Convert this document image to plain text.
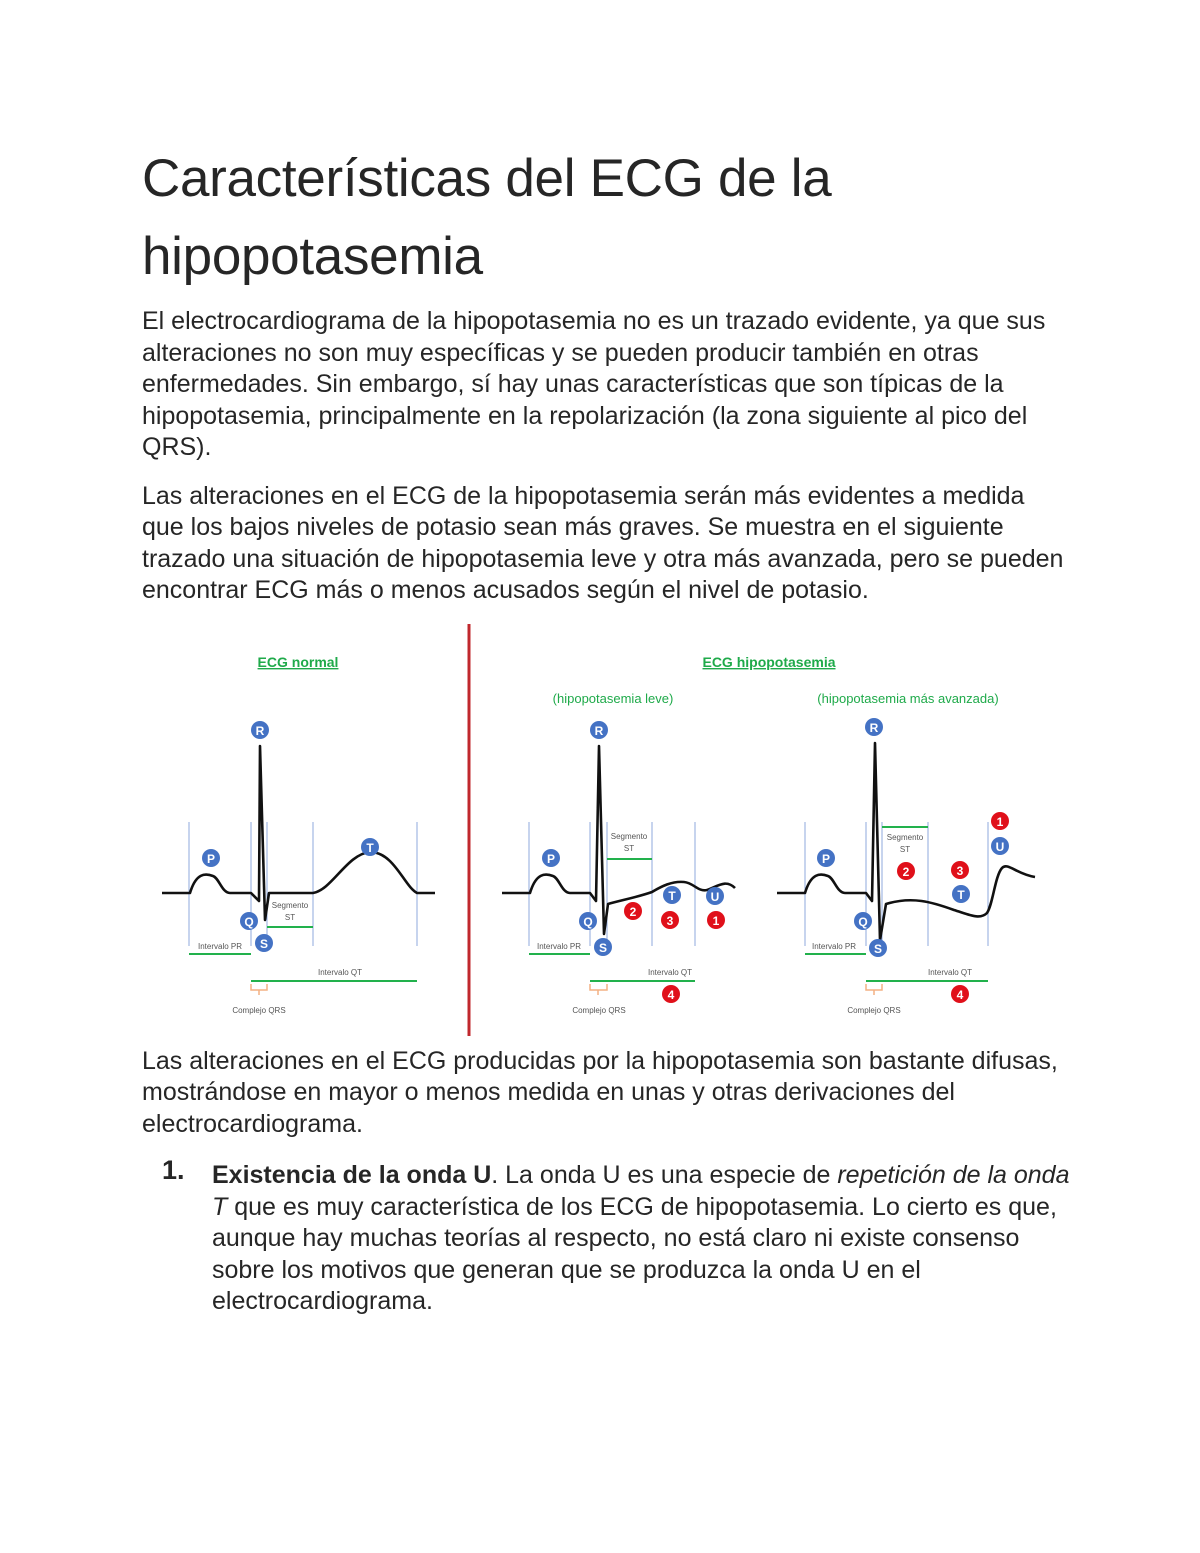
Características del ECG de la hipopotasemia

El electrocardiograma de la hipopotasemia no es un trazado evidente, ya que sus alteraciones no son muy específicas y se pueden producir también en otras enfermedades. Sin embargo, sí hay unas características que son típicas de la hipopotasemia, principalmente en la repolarización (la zona siguiente al pico del QRS).

Las alteraciones en el ECG de la hipopotasemia serán más evidentes a medida que los bajos niveles de potasio sean más graves. Se muestra en el siguiente trazado una situación de hipopotasemia leve y otra más avanzada, pero se pueden encontrar ECG más o menos acusados según el nivel de potasio.

ECG normal	ECG hipopotasemia
(hipopotasemia leve)	(hipopotasemia más avanzada)
Segmento
ST
Intervalo PR
Intervalo QT
Complejo QRS
R
P
T
Q
S
Segmento
ST
Intervalo PR
Intervalo QT
Complejo QRS
R
P
Q
S
T	U
2
3	1
4
Segmento
ST
Intervalo PR
Intervalo QT
Complejo QRS
R
P
Q
S
T
U
1
2	3
4

Las alteraciones en el ECG producidas por la hipopotasemia son bastante difusas, mostrándose en mayor o menos medida en unas y otras derivaciones del electrocardiograma.

1. Existencia de la onda U. La onda U es una especie de repetición de la onda T que es muy característica de los ECG de hipopotasemia. Lo cierto es que, aunque hay muchas teorías al respecto, no está claro ni existe consenso sobre los motivos que generan que se produzca la onda U en el electrocardiograma.
